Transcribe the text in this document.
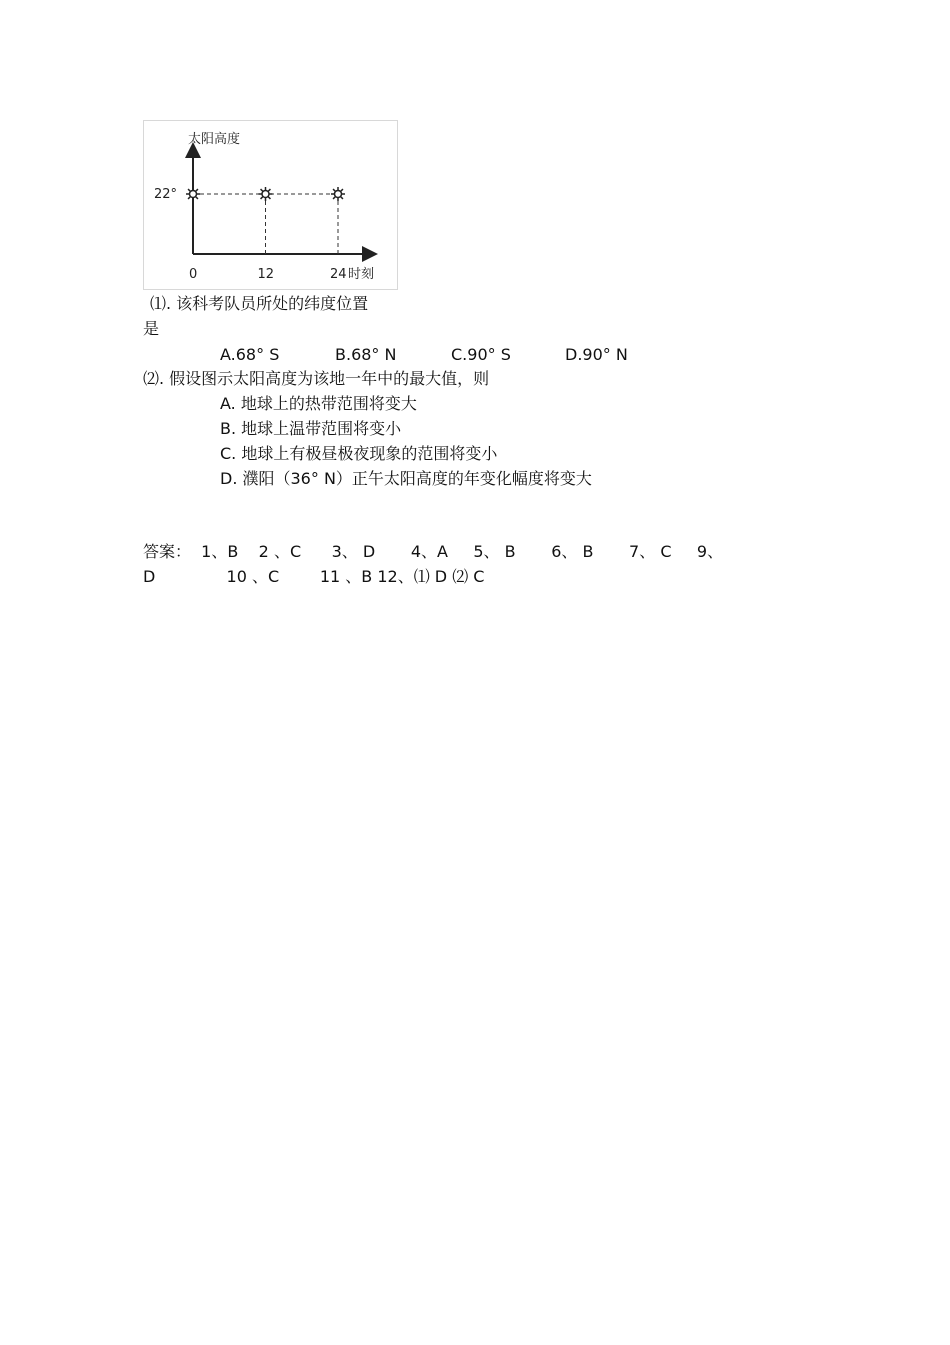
0	12	24
太阳高度
22°
时刻
⑴. 该科考队员所处的纬度位置
是
A.68° S	B.68° N	C.90° S	D.90° N
⑵. 假设图示太阳高度为该地一年中的最大值，则
A. 地球上的热带范围将变大
B. 地球上温带范围将变小
C. 地球上有极昼极夜现象的范围将变小
D. 濮阳（36° N）正午太阳高度的年变化幅度将变大
答案：  1、B    2 、C      3、 D       4、A     5、 B       6、 B       7、 C     9、
D              10 、C        11 、B 12、⑴ D ⑵ C
